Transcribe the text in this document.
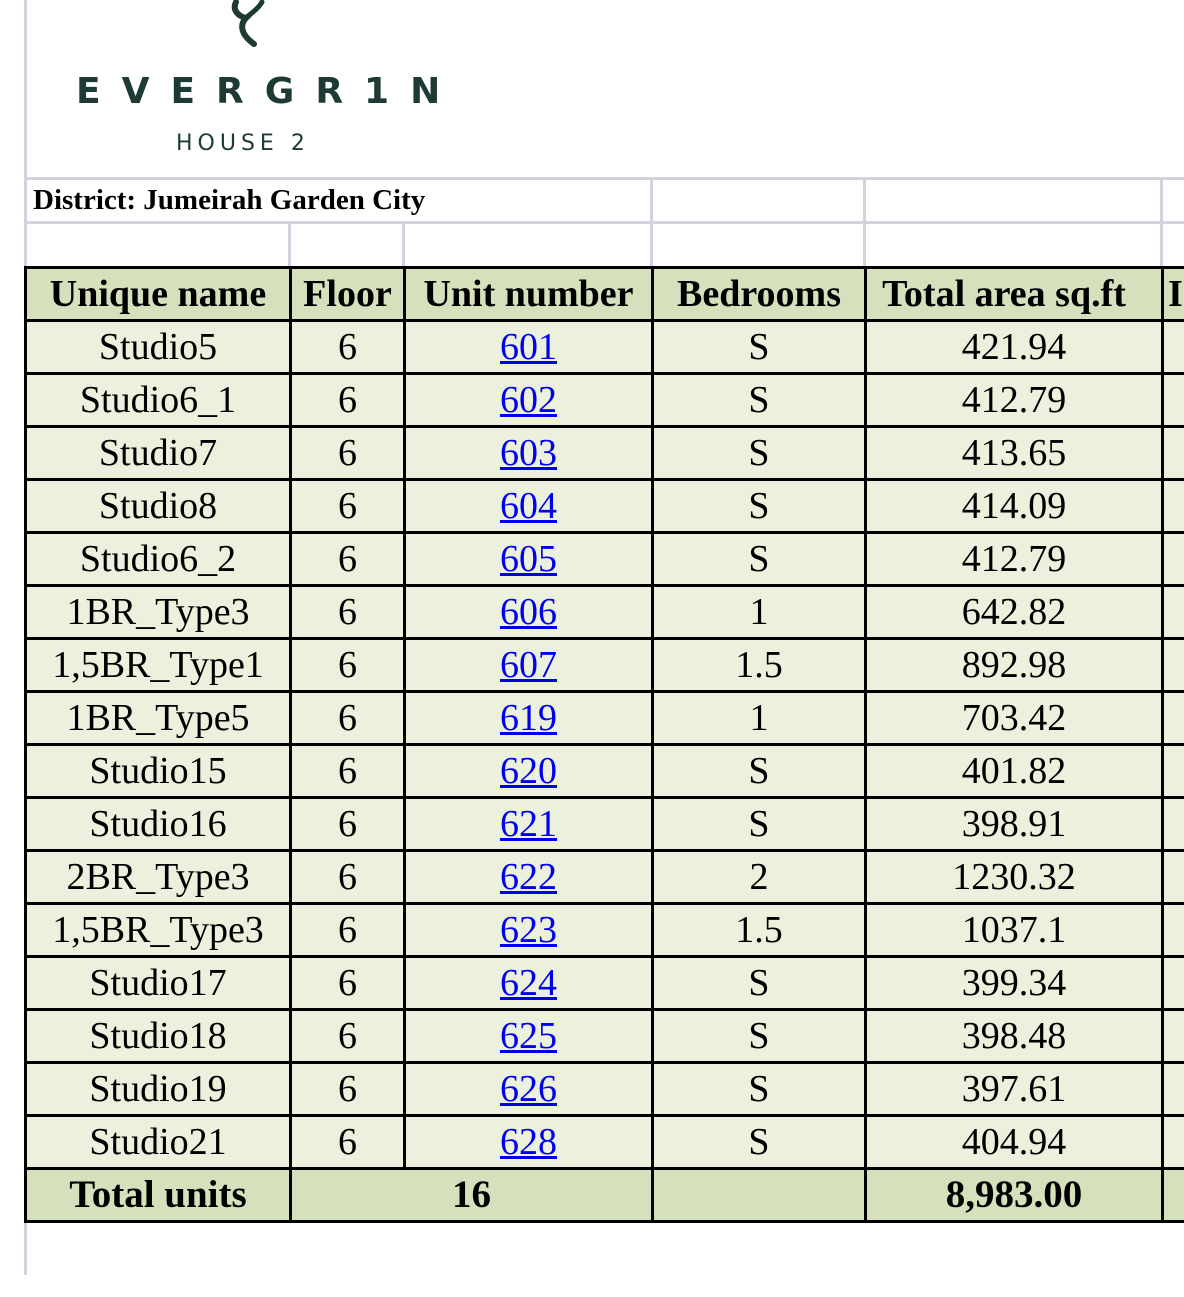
EVERGR1N
HOUSE 2
District: Jumeirah Garden City
Unique name	Floor	Unit number	Bedrooms	Total area sq.ft	I
Studio5	6	601	S	421.94	
Studio6_1	6	602	S	412.79	
Studio7	6	603	S	413.65	
Studio8	6	604	S	414.09	
Studio6_2	6	605	S	412.79	
1BR_Type3	6	606	1	642.82	
1,5BR_Type1	6	607	1.5	892.98	
1BR_Type5	6	619	1	703.42	
Studio15	6	620	S	401.82	
Studio16	6	621	S	398.91	
2BR_Type3	6	622	2	1230.32	
1,5BR_Type3	6	623	1.5	1037.1	
Studio17	6	624	S	399.34	
Studio18	6	625	S	398.48	
Studio19	6	626	S	397.61	
Studio21	6	628	S	404.94	
Total units	16			8,983.00	
